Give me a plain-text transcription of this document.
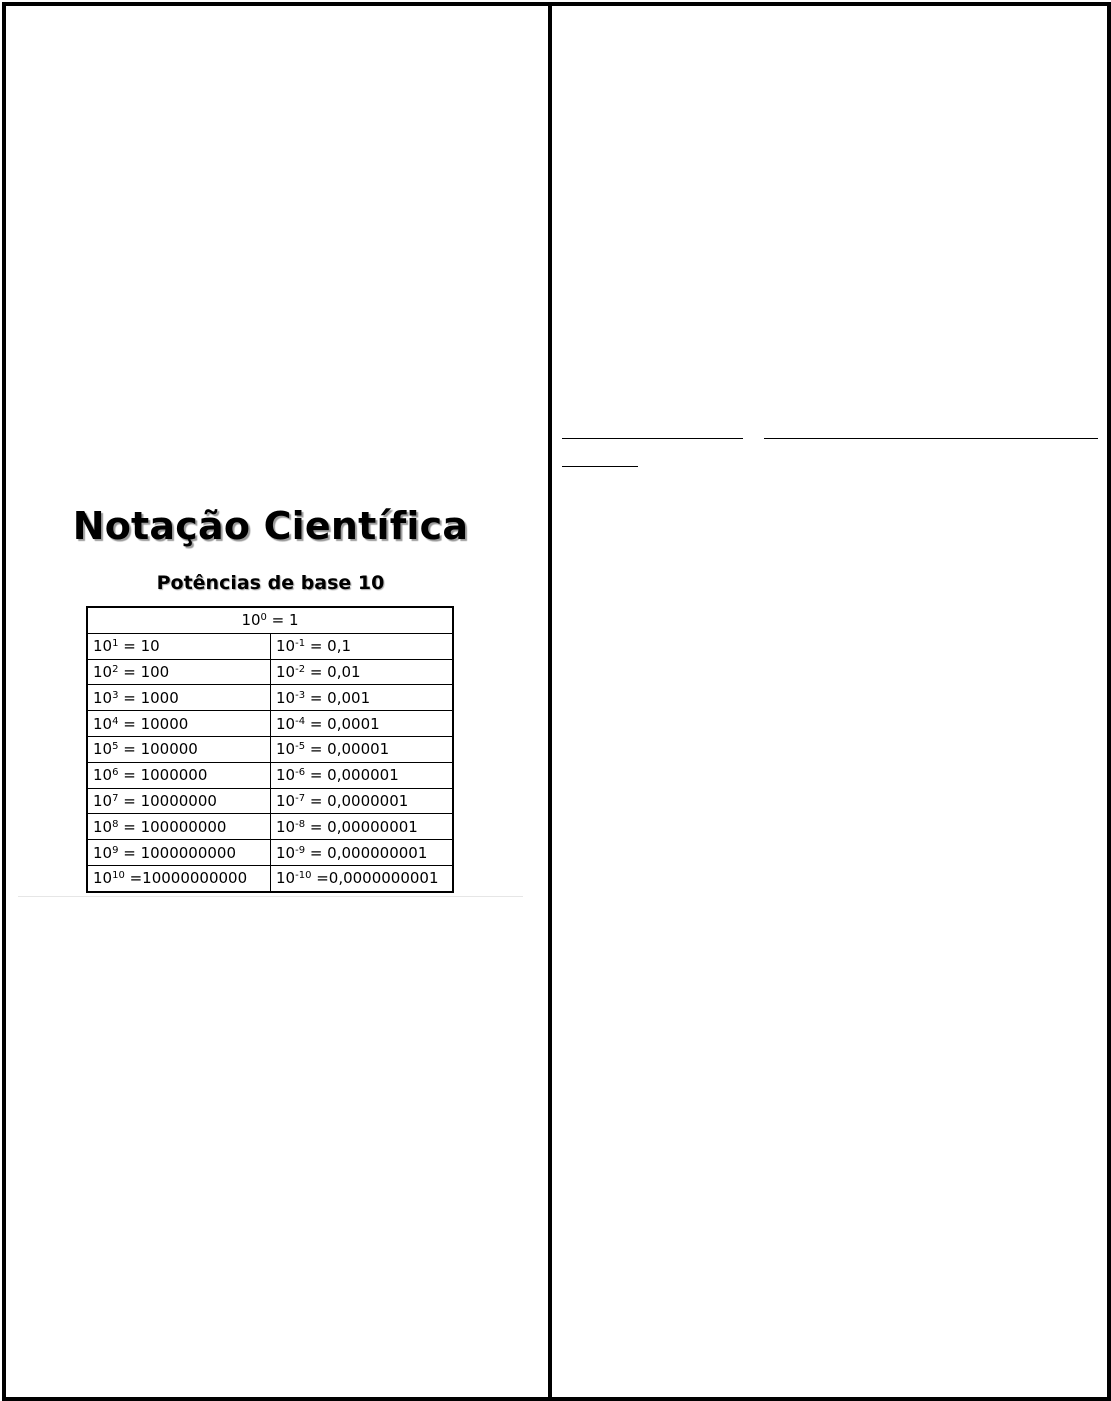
Notação Científica
Potências de base 10
$10^0 = 1$	
$10^1 = 10$	$10^{-1} = 0,1$
$10^2 = 100$	$10^{-2} = 0,01$
$10^3 = 1000$	$10^{-3} = 0,001$
$10^4 = 10000$	$10^{-4} = 0,0001$
$10^5 = 100000$	$10^{-5} = 0,00001$
$10^6 = 1000000$	$10^{-6} = 0,000001$
$10^7 = 10000000$	$10^{-7} = 0,0000001$
$10^8 = 100000000$	$10^{-8} = 0,00000001$
$10^9 = 1000000000$	$10^{-9} = 0,000000001$
$10^{10} =10000000000$	$10^{-10} =0,0000000001$
